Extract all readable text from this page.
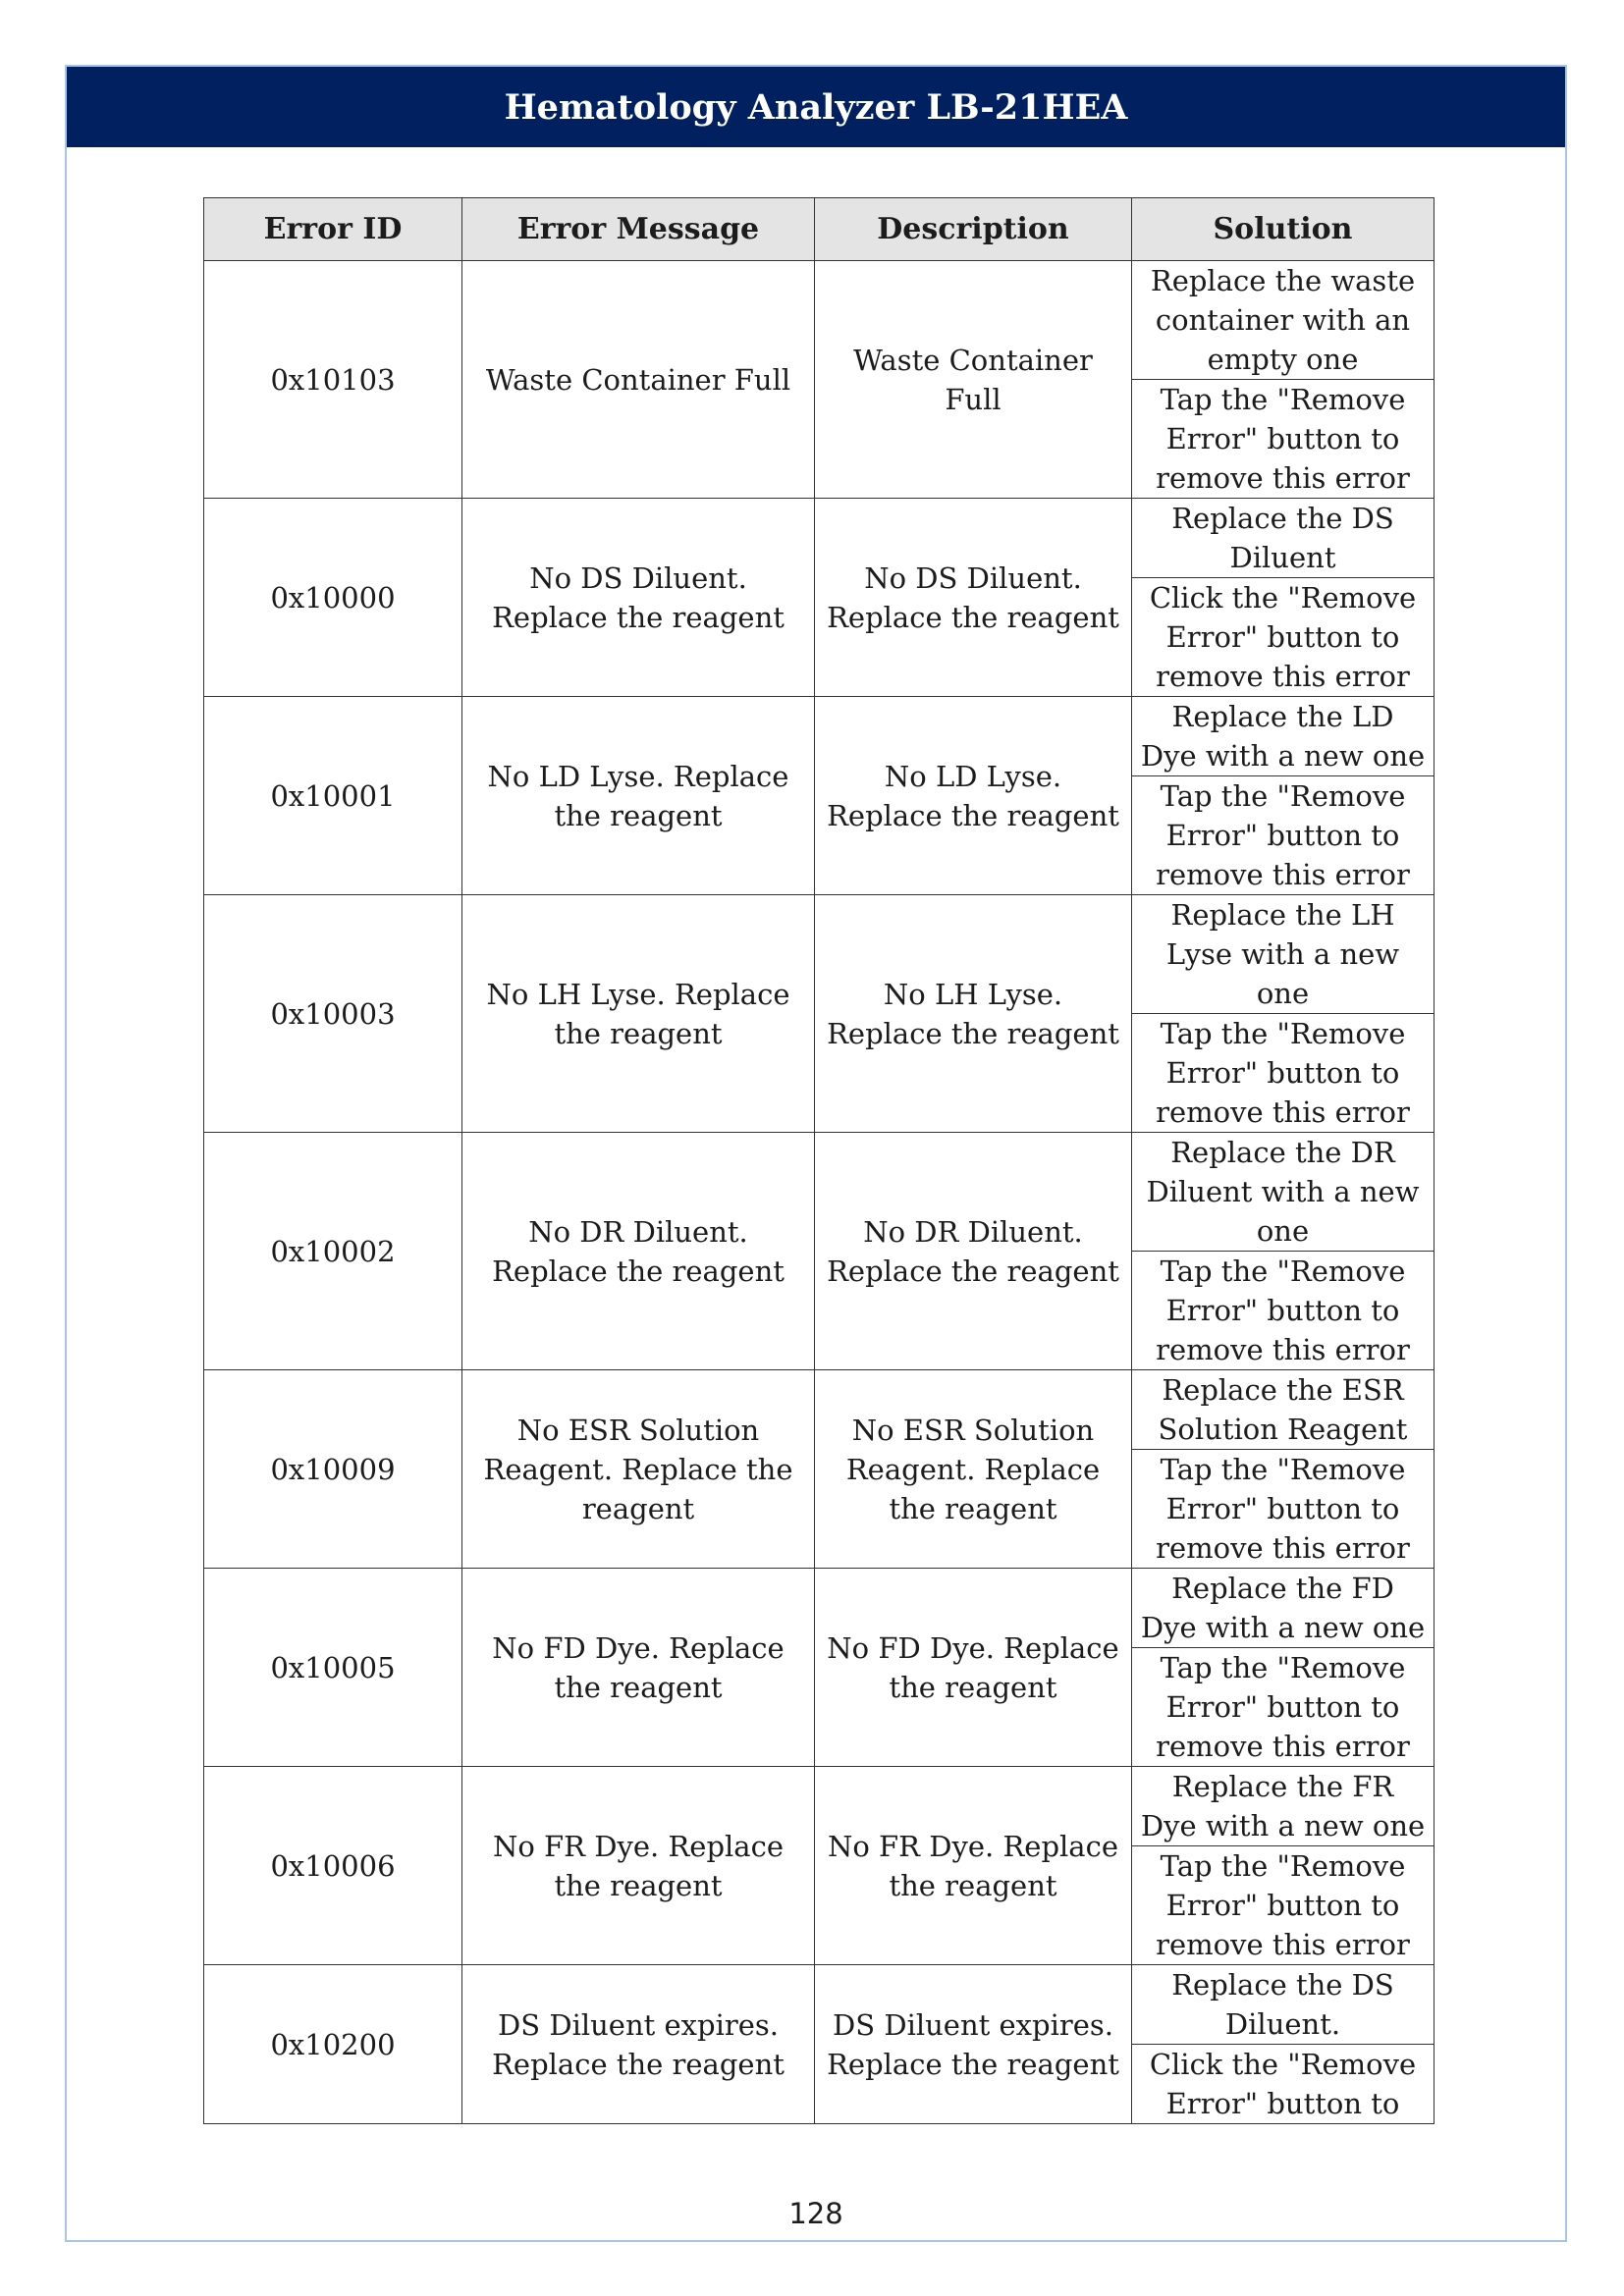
Hematology Analyzer LB-21HEA
Error ID	Error Message	Description	Solution
0x10103	Waste Container Full	Waste Container Full	Replace the waste container with an empty one
			Tap the "Remove Error" button to remove this error
0x10000	No DS Diluent. Replace the reagent	No DS Diluent. Replace the reagent	Replace the DS Diluent
			Click the "Remove Error" button to remove this error
0x10001	No LD Lyse. Replace the reagent	No LD Lyse. Replace the reagent	Replace the LD Dye with a new one
			Tap the "Remove Error" button to remove this error
0x10003	No LH Lyse. Replace the reagent	No LH Lyse. Replace the reagent	Replace the LH Lyse with a new one
			Tap the "Remove Error" button to remove this error
0x10002	No DR Diluent. Replace the reagent	No DR Diluent. Replace the reagent	Replace the DR Diluent with a new one
			Tap the "Remove Error" button to remove this error
0x10009	No ESR Solution Reagent. Replace the reagent	No ESR Solution Reagent. Replace the reagent	Replace the ESR Solution Reagent
			Tap the "Remove Error" button to remove this error
0x10005	No FD Dye. Replace the reagent	No FD Dye. Replace the reagent	Replace the FD Dye with a new one
			Tap the "Remove Error" button to remove this error
0x10006	No FR Dye. Replace the reagent	No FR Dye. Replace the reagent	Replace the FR Dye with a new one
			Tap the "Remove Error" button to remove this error
0x10200	DS Diluent expires. Replace the reagent	DS Diluent expires. Replace the reagent	Replace the DS Diluent.
			Click the "Remove Error" button to
128
